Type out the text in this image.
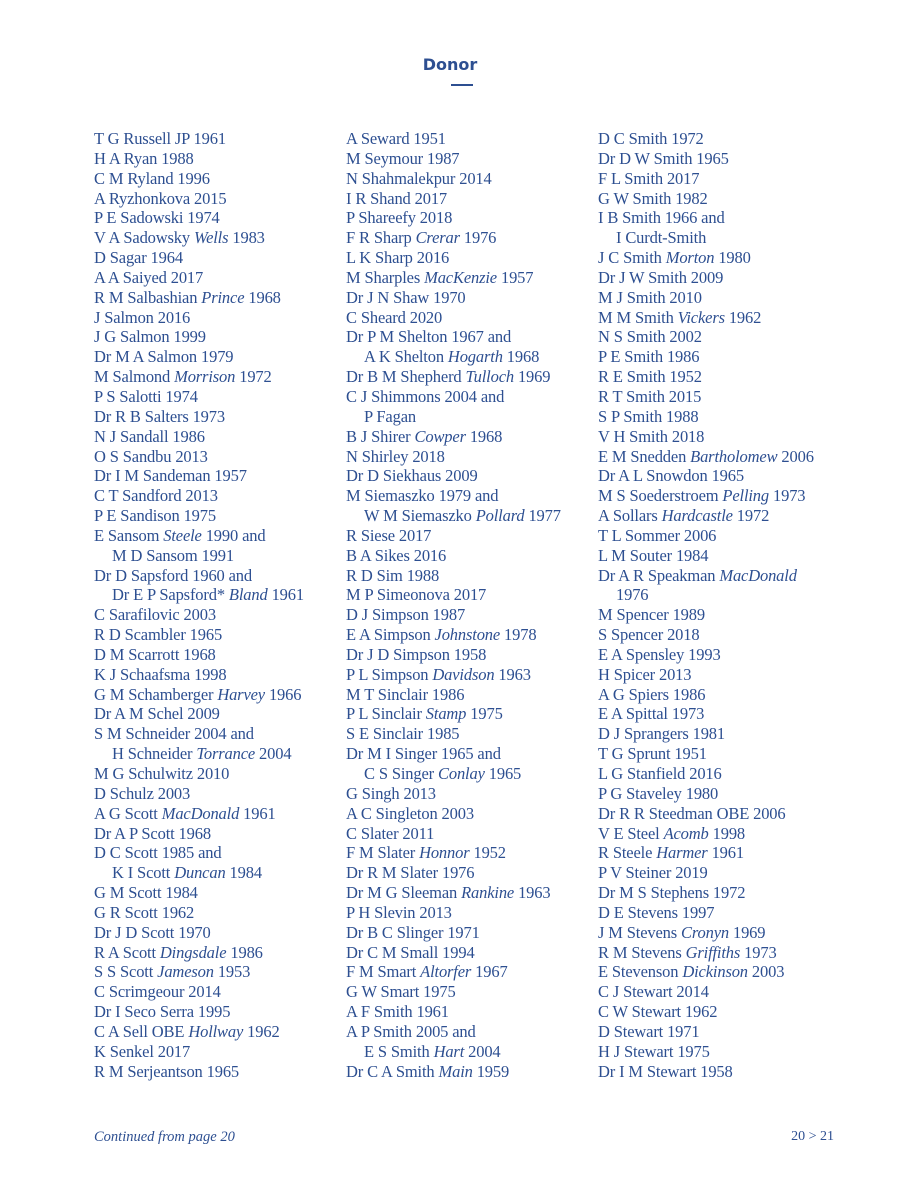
Donor
T G Russell JP 1961
H A Ryan 1988
C M Ryland 1996
A Ryzhonkova 2015
P E Sadowski 1974
V A Sadowsky Wells 1983
D Sagar 1964
A A Saiyed 2017
R M Salbashian Prince 1968
J Salmon 2016
J G Salmon 1999
Dr M A Salmon 1979
M Salmond Morrison 1972
P S Salotti 1974
Dr R B Salters 1973
N J Sandall 1986
O S Sandbu 2013
Dr I M Sandeman 1957
C T Sandford 2013
P E Sandison 1975
E Sansom Steele 1990 and
M D Sansom 1991
Dr D Sapsford 1960 and
Dr E P Sapsford* Bland 1961
C Sarafilovic 2003
R D Scambler 1965
D M Scarrott 1968
K J Schaafsma 1998
G M Schamberger Harvey 1966
Dr A M Schel 2009
S M Schneider 2004 and
H Schneider Torrance 2004
M G Schulwitz 2010
D Schulz 2003
A G Scott MacDonald 1961
Dr A P Scott 1968
D C Scott 1985 and
K I Scott Duncan 1984
G M Scott 1984
G R Scott 1962
Dr J D Scott 1970
R A Scott Dingsdale 1986
S S Scott Jameson 1953
C Scrimgeour 2014
Dr I Seco Serra 1995
C A Sell OBE Hollway 1962
K Senkel 2017
R M Serjeantson 1965
A Seward 1951
M Seymour 1987
N Shahmalekpur 2014
I R Shand 2017
P Shareefy 2018
F R Sharp Crerar 1976
L K Sharp 2016
M Sharples MacKenzie 1957
Dr J N Shaw 1970
C Sheard 2020
Dr P M Shelton 1967 and
A K Shelton Hogarth 1968
Dr B M Shepherd Tulloch 1969
C J Shimmons 2004 and
P Fagan
B J Shirer Cowper 1968
N Shirley 2018
Dr D Siekhaus 2009
M Siemaszko 1979 and
W M Siemaszko Pollard 1977
R Siese 2017
B A Sikes 2016
R D Sim 1988
M P Simeonova 2017
D J Simpson 1987
E A Simpson Johnstone 1978
Dr J D Simpson 1958
P L Simpson Davidson 1963
M T Sinclair 1986
P L Sinclair Stamp 1975
S E Sinclair 1985
Dr M I Singer 1965 and
C S Singer Conlay 1965
G Singh 2013
A C Singleton 2003
C Slater 2011
F M Slater Honnor 1952
Dr R M Slater 1976
Dr M G Sleeman Rankine 1963
P H Slevin 2013
Dr B C Slinger 1971
Dr C M Small 1994
F M Smart Altorfer 1967
G W Smart 1975
A F Smith 1961
A P Smith 2005 and
E S Smith Hart 2004
Dr C A Smith Main 1959
D C Smith 1972
Dr D W Smith 1965
F L Smith 2017
G W Smith 1982
I B Smith 1966 and
I Curdt-Smith
J C Smith Morton 1980
Dr J W Smith 2009
M J Smith 2010
M M Smith Vickers 1962
N S Smith 2002
P E Smith 1986
R E Smith 1952
R T Smith 2015
S P Smith 1988
V H Smith 2018
E M Snedden Bartholomew 2006
Dr A L Snowdon 1965
M S Soederstroem Pelling 1973
A Sollars Hardcastle 1972
T L Sommer 2006
L M Souter 1984
Dr A R Speakman MacDonald
1976
M Spencer 1989
S Spencer 2018
E A Spensley 1993
H Spicer 2013
A G Spiers 1986
E A Spittal 1973
D J Sprangers 1981
T G Sprunt 1951
L G Stanfield 2016
P G Staveley 1980
Dr R R Steedman OBE 2006
V E Steel Acomb 1998
R Steele Harmer 1961
P V Steiner 2019
Dr M S Stephens 1972
D E Stevens 1997
J M Stevens Cronyn 1969
R M Stevens Griffiths 1973
E Stevenson Dickinson 2003
C J Stewart 2014
C W Stewart 1962
D Stewart 1971
H J Stewart 1975
Dr I M Stewart 1958
Continued from page 20	20 > 21
